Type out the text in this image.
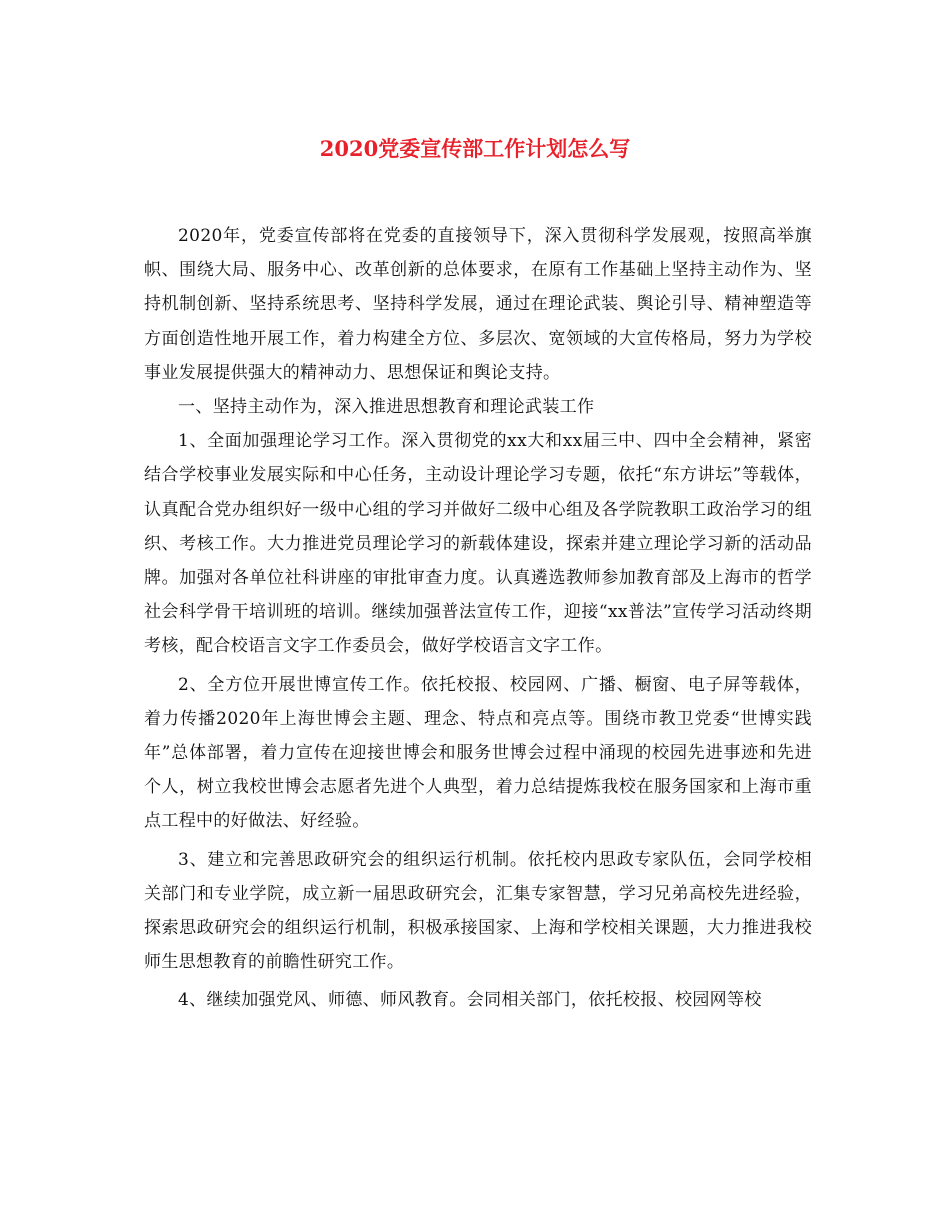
2020党委宣传部工作计划怎么写

2020年，党委宣传部将在党委的直接领导下，深入贯彻科学发展观，按照高举旗帜、围绕大局、服务中心、改革创新的总体要求，在原有工作基础上坚持主动作为、坚持机制创新、坚持系统思考、坚持科学发展，通过在理论武装、舆论引导、精神塑造等方面创造性地开展工作，着力构建全方位、多层次、宽领域的大宣传格局，努力为学校事业发展提供强大的精神动力、思想保证和舆论支持。

一、坚持主动作为，深入推进思想教育和理论武装工作

1、全面加强理论学习工作。深入贯彻党的xx大和xx届三中、四中全会精神，紧密结合学校事业发展实际和中心任务，主动设计理论学习专题，依托“东方讲坛”等载体，认真配合党办组织好一级中心组的学习并做好二级中心组及各学院教职工政治学习的组织、考核工作。大力推进党员理论学习的新载体建设，探索并建立理论学习新的活动品牌。加强对各单位社科讲座的审批审查力度。认真遴选教师参加教育部及上海市的哲学社会科学骨干培训班的培训。继续加强普法宣传工作，迎接“xx普法”宣传学习活动终期考核，配合校语言文字工作委员会，做好学校语言文字工作。

2、全方位开展世博宣传工作。依托校报、校园网、广播、橱窗、电子屏等载体，着力传播2020年上海世博会主题、理念、特点和亮点等。围绕市教卫党委“世博实践年”总体部署，着力宣传在迎接世博会和服务世博会过程中涌现的校园先进事迹和先进个人，树立我校世博会志愿者先进个人典型，着力总结提炼我校在服务国家和上海市重点工程中的好做法、好经验。

3、建立和完善思政研究会的组织运行机制。依托校内思政专家队伍，会同学校相关部门和专业学院，成立新一届思政研究会，汇集专家智慧，学习兄弟高校先进经验，探索思政研究会的组织运行机制，积极承接国家、上海和学校相关课题，大力推进我校师生思想教育的前瞻性研究工作。

4、继续加强党风、师德、师风教育。会同相关部门，依托校报、校园网等校
